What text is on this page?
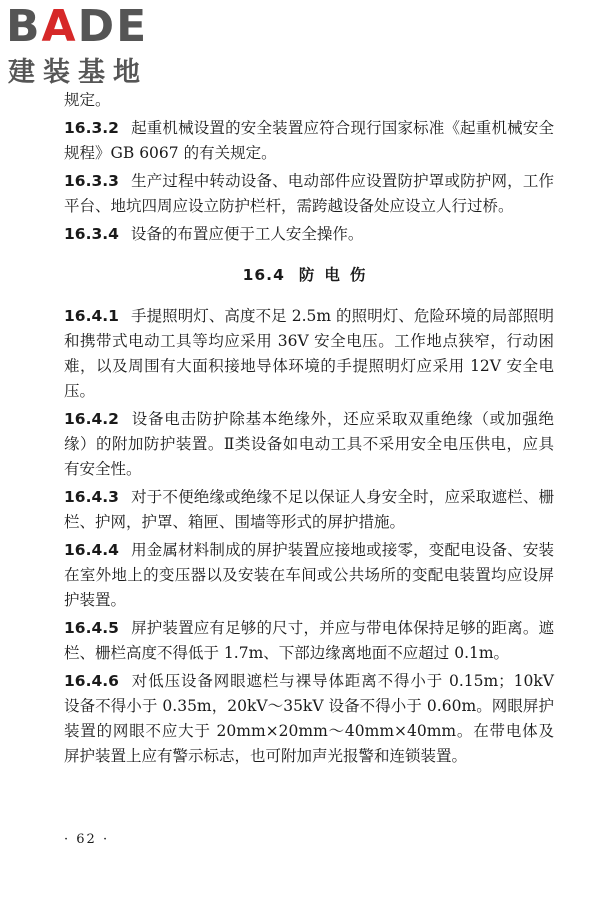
BADE
建装基地

规定。

16.3.2 起重机械设置的安全装置应符合现行国家标准《起重机械安全规程》GB 6067 的有关规定。

16.3.3 生产过程中转动设备、电动部件应设置防护罩或防护网，工作平台、地坑四周应设立防护栏杆，需跨越设备处应设立人行过桥。

16.3.4 设备的布置应便于工人安全操作。

16.4 防电伤

16.4.1 手提照明灯、高度不足 2.5m 的照明灯、危险环境的局部照明和携带式电动工具等均应采用 36V 安全电压。工作地点狭窄，行动困难，以及周围有大面积接地导体环境的手提照明灯应采用 12V 安全电压。

16.4.2 设备电击防护除基本绝缘外，还应采取双重绝缘（或加强绝缘）的附加防护装置。Ⅱ类设备如电动工具不采用安全电压供电，应具有安全性。

16.4.3 对于不便绝缘或绝缘不足以保证人身安全时，应采取遮栏、栅栏、护网，护罩、箱匣、围墙等形式的屏护措施。

16.4.4 用金属材料制成的屏护装置应接地或接零，变配电设备、安装在室外地上的变压器以及安装在车间或公共场所的变配电装置均应设屏护装置。

16.4.5 屏护装置应有足够的尺寸，并应与带电体保持足够的距离。遮栏、栅栏高度不得低于 1.7m、下部边缘离地面不应超过 0.1m。

16.4.6 对低压设备网眼遮栏与裸导体距离不得小于 0.15m；10kV 设备不得小于 0.35m，20kV～35kV 设备不得小于 0.60m。网眼屏护装置的网眼不应大于 20mm×20mm～40mm×40mm。在带电体及屏护装置上应有警示标志，也可附加声光报警和连锁装置。

· 62 ·
